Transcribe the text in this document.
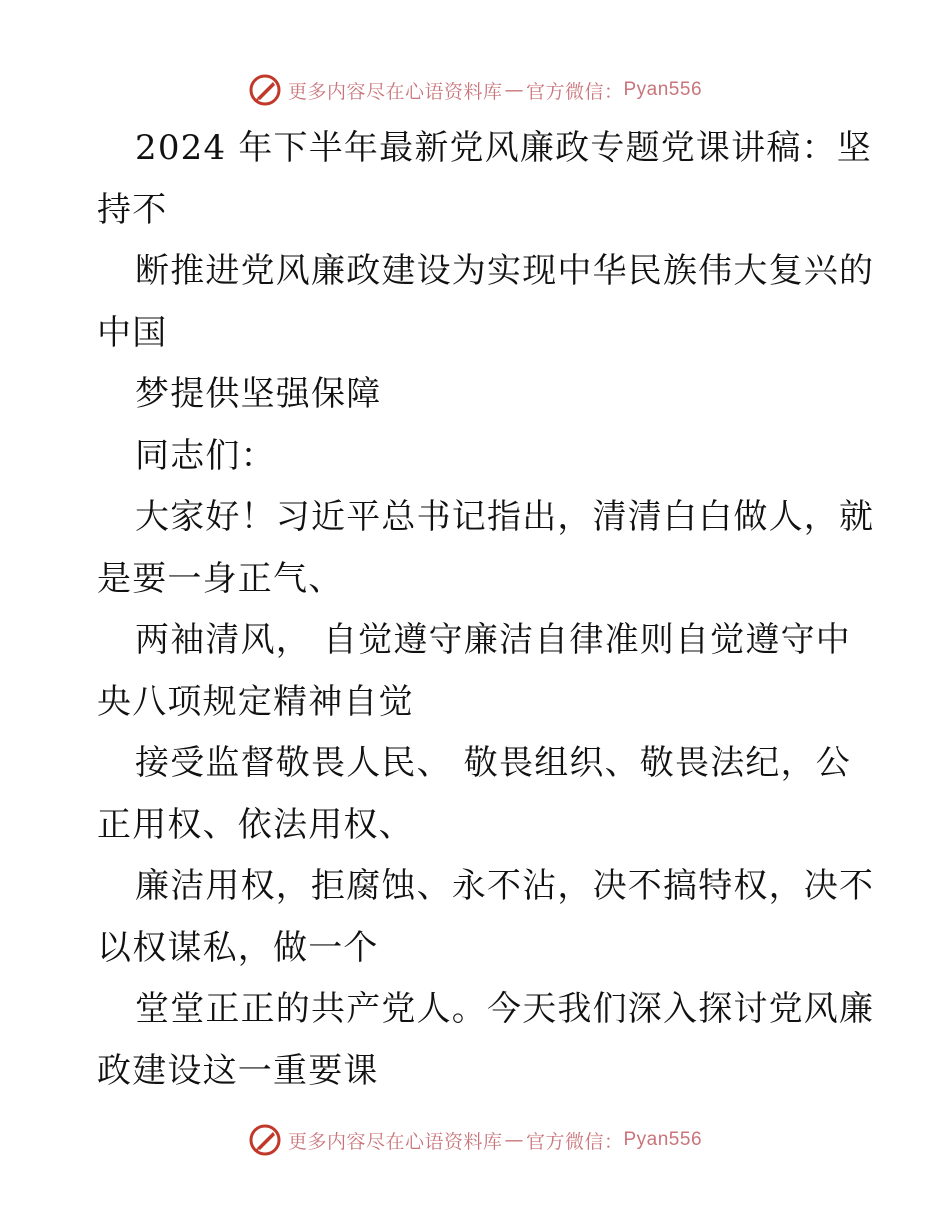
更多内容尽在心语资料库 — 官方微信： Pyan556
2024 年下半年最新党风廉政专题党课讲稿：坚
持不
断推进党风廉政建设为实现中华民族伟大复兴的
中国
梦提供坚强保障
同志们：
大家好！习近平总书记指出，清清白白做人，就
是要一身正气、
两袖清风， 自觉遵守廉洁自律准则自觉遵守中
央八项规定精神自觉
接受监督敬畏人民、 敬畏组织、敬畏法纪，公
正用权、依法用权、
廉洁用权，拒腐蚀、永不沾，决不搞特权，决不
以权谋私，做一个
堂堂正正的共产党人。今天我们深入探讨党风廉
政建设这一重要课
更多内容尽在心语资料库 — 官方微信： Pyan556
